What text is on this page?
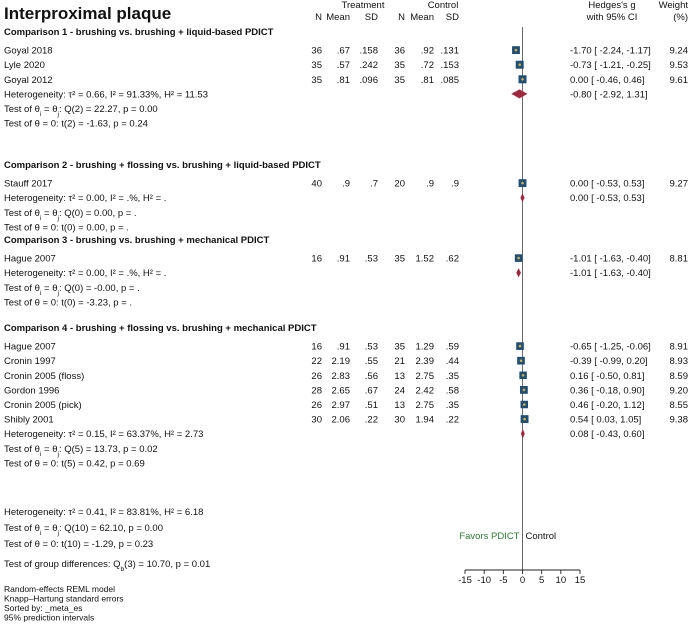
Interproximal plaque	Treatment	Control
N Mean SD N Mean SD
Hedges's g
with 95% CI
Weight
(%)
Comparison 1 - brushing vs. brushing + liquid-based PDICT
Goyal 2018	36 .67 .158 36 .92 .131	-1.70 [ -2.24, -1.17] 9.24
Lyle 2020	35 .57 .242 35 .72 .153	-0.73 [ -1.21, -0.25] 9.53
Goyal 2012	35 .81 .096 35 .81 .085	0.00 [ -0.46, 0.46]	9.61
Heterogeneity: τ² = 0.66, I² = 91.33%, H² = 11.53	-0.80 [ -2.92, 1.31]
Test of $\theta_i = \theta_j$: Q(2) = 22.27, p = 0.00
Test of θ = 0: t(2) = -1.63, p = 0.24
Comparison 2 - brushing + flossing vs. brushing + liquid-based PDICT
Stauff 2017	40 .9 .7 20 .9 .9	0.00 [ -0.53, 0.53]	9.27
Heterogeneity: τ² = 0.00, I² = .%, H² = .	0.00 [ -0.53, 0.53]
Test of $\theta_i = \theta_j$: Q(0) = 0.00, p = .
Test of θ = 0: t(0) = 0.00, p = .
Comparison 3 - brushing vs. brushing + mechanical PDICT
Hague 2007	16 .91 .53 35 1.52 .62	-1.01 [ -1.63, -0.40] 8.81
Heterogeneity: τ² = 0.00, I² = .%, H² = .	-1.01 [ -1.63, -0.40]
Test of $\theta_i = \theta_j$: Q(0) = -0.00, p = .
Test of θ = 0: t(0) = -3.23, p = .
Comparison 4 - brushing + flossing vs. brushing + mechanical PDICT
Hague 2007	16 .91 .53 35 1.29 .59	-0.65 [ -1.25, -0.06] 8.91
Cronin 1997	22 2.19 .55 21 2.39 .44	-0.39 [ -0.99, 0.20] 8.93
Cronin 2005 (floss)	26 2.83 .56 13 2.75 .35	0.16 [ -0.50, 0.81]	8.59
Gordon 1996	28 2.65 .67 24 2.42 .58	0.36 [ -0.18, 0.90]	9.20
Cronin 2005 (pick)	26 2.97 .51 13 2.75 .35	0.46 [ -0.20, 1.12]	8.55
Shibly 2001	30 2.06 .22 30 1.94 .22	0.54 [ 0.03, 1.05]	9.38
Heterogeneity: τ² = 0.15, I² = 63.37%, H² = 2.73	0.08 [ -0.43, 0.60]
Test of $\theta_i = \theta_j$: Q(5) = 13.73, p = 0.02
Test of θ = 0: t(5) = 0.42, p = 0.69
Heterogeneity: τ² = 0.41, I² = 83.81%, H² = 6.18
Test of $\theta_i = \theta_j$: Q(10) = 62.10, p = 0.00
Test of θ = 0: t(10) = -1.29, p = 0.23
Test of group differences: $Q_b(3) = 10.70$, p = 0.01
Favors PDICT Control
-15 -10 -5 0 5 10 15
Random-effects REML model
Knapp–Hartung standard errors
Sorted by: _meta_es
95% prediction intervals
